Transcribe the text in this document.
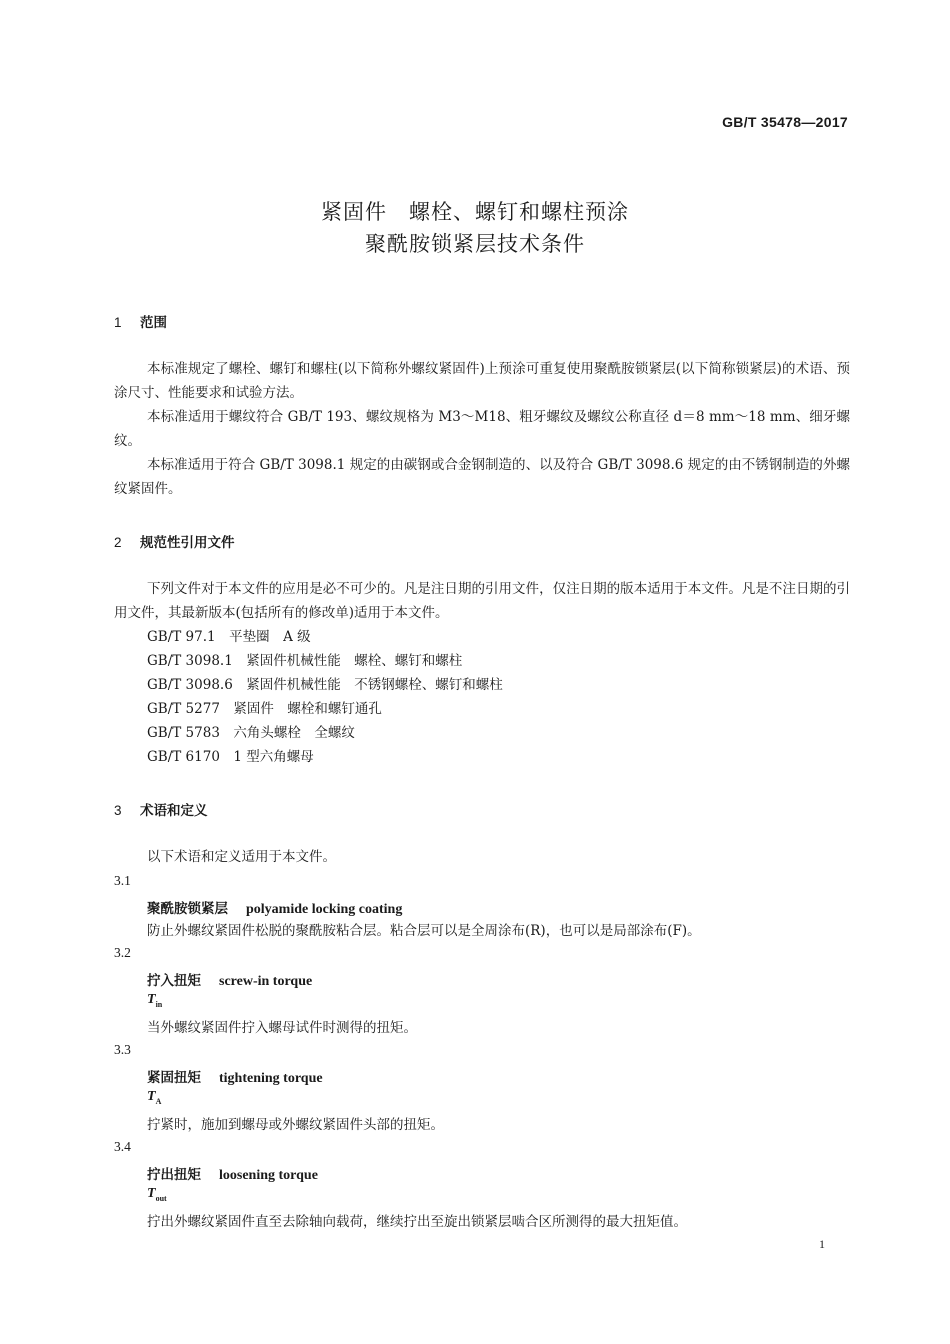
GB/T 35478—2017
紧固件　螺栓、螺钉和螺柱预涂
聚酰胺锁紧层技术条件
1 范围
本标准规定了螺栓、螺钉和螺柱(以下简称外螺纹紧固件)上预涂可重复使用聚酰胺锁紧层(以下简称锁紧层)的术语、预涂尺寸、性能要求和试验方法。
本标准适用于螺纹符合 GB/T 193、螺纹规格为 M3～M18、粗牙螺纹及螺纹公称直径 d＝8 mm～18 mm、细牙螺纹。
本标准适用于符合 GB/T 3098.1 规定的由碳钢或合金钢制造的、以及符合 GB/T 3098.6 规定的由不锈钢制造的外螺纹紧固件。
2 规范性引用文件
下列文件对于本文件的应用是必不可少的。凡是注日期的引用文件，仅注日期的版本适用于本文件。凡是不注日期的引用文件，其最新版本(包括所有的修改单)适用于本文件。
GB/T 97.1　平垫圈　A 级
GB/T 3098.1　紧固件机械性能　螺栓、螺钉和螺柱
GB/T 3098.6　紧固件机械性能　不锈钢螺栓、螺钉和螺柱
GB/T 5277　紧固件　螺栓和螺钉通孔
GB/T 5783　六角头螺栓　全螺纹
GB/T 6170　1 型六角螺母
3 术语和定义
以下术语和定义适用于本文件。
3.1
聚酰胺锁紧层 polyamide locking coating
防止外螺纹紧固件松脱的聚酰胺粘合层。粘合层可以是全周涂布(R)，也可以是局部涂布(F)。
3.2
拧入扭矩 screw-in torque
$T_{in}$
当外螺纹紧固件拧入螺母试件时测得的扭矩。
3.3
紧固扭矩 tightening torque
$T_A$
拧紧时，施加到螺母或外螺纹紧固件头部的扭矩。
3.4
拧出扭矩 loosening torque
$T_{out}$
拧出外螺纹紧固件直至去除轴向载荷，继续拧出至旋出锁紧层啮合区所测得的最大扭矩值。
1
